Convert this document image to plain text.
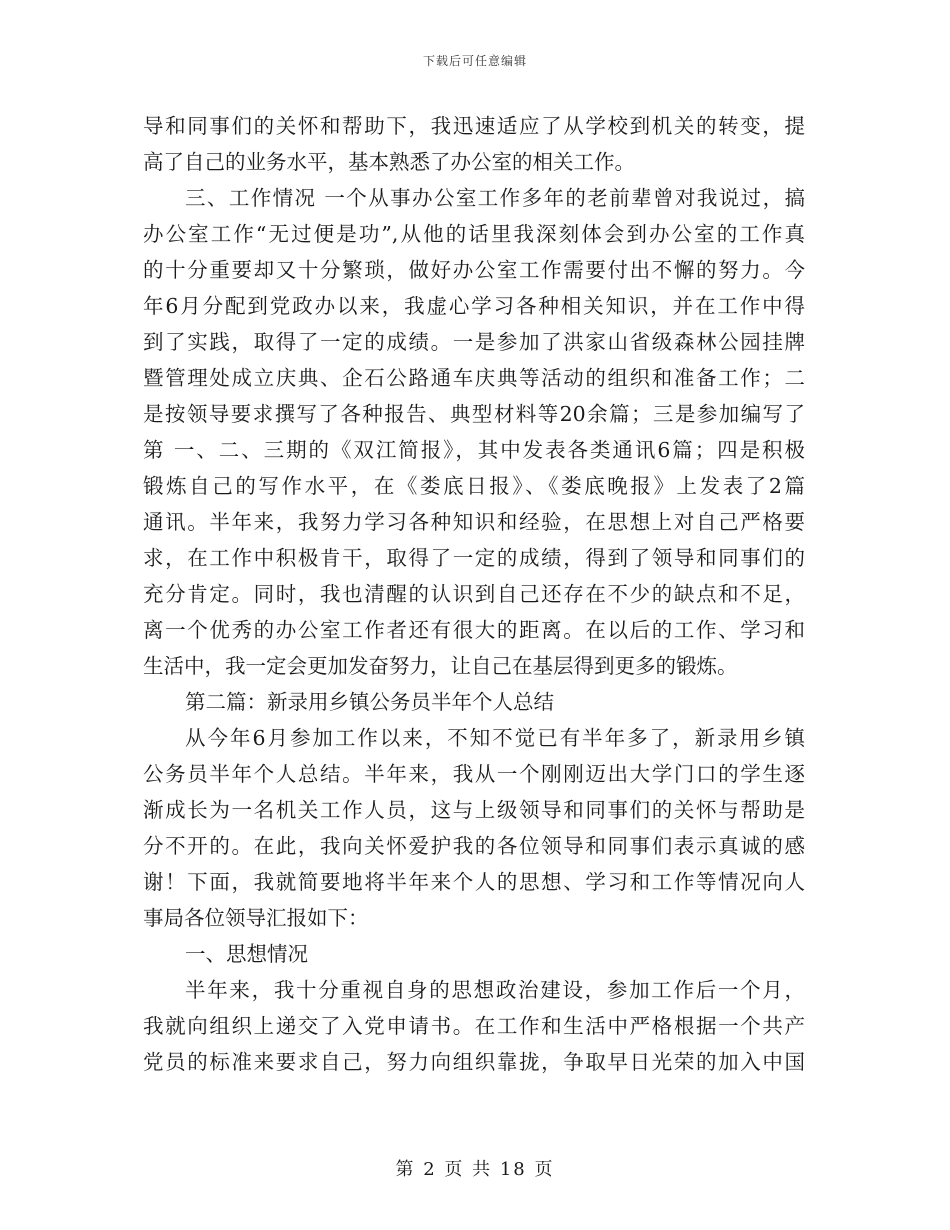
下载后可任意编辑
导和同事们的关怀和帮助下，我迅速适应了从学校到机关的转变，提
高了自己的业务水平，基本熟悉了办公室的相关工作。
三、工作情况 一个从事办公室工作多年的老前辈曾对我说过，搞
办公室工作“无过便是功”,从他的话里我深刻体会到办公室的工作真
的十分重要却又十分繁琐，做好办公室工作需要付出不懈的努力。今
年6月分配到党政办以来，我虚心学习各种相关知识，并在工作中得
到了实践，取得了一定的成绩。一是参加了洪家山省级森林公园挂牌
暨管理处成立庆典、企石公路通车庆典等活动的组织和准备工作；二
是按领导要求撰写了各种报告、典型材料等20余篇；三是参加编写了
第 一、二、三期的《双江简报》，其中发表各类通讯6篇；四是积极
锻炼自己的写作水平，在《娄底日报》、《娄底晚报》上发表了2篇
通讯。半年来，我努力学习各种知识和经验，在思想上对自己严格要
求，在工作中积极肯干，取得了一定的成绩，得到了领导和同事们的
充分肯定。同时，我也清醒的认识到自己还存在不少的缺点和不足，
离一个优秀的办公室工作者还有很大的距离。在以后的工作、学习和
生活中，我一定会更加发奋努力，让自己在基层得到更多的锻炼。
第二篇：新录用乡镇公务员半年个人总结
从今年6月参加工作以来，不知不觉已有半年多了，新录用乡镇
公务员半年个人总结。半年来，我从一个刚刚迈出大学门口的学生逐
渐成长为一名机关工作人员，这与上级领导和同事们的关怀与帮助是
分不开的。在此，我向关怀爱护我的各位领导和同事们表示真诚的感
谢！下面，我就简要地将半年来个人的思想、学习和工作等情况向人
事局各位领导汇报如下：
一、思想情况
半年来，我十分重视自身的思想政治建设，参加工作后一个月，
我就向组织上递交了入党申请书。在工作和生活中严格根据一个共产
党员的标准来要求自己，努力向组织靠拢，争取早日光荣的加入中国
第 2 页 共 18 页
